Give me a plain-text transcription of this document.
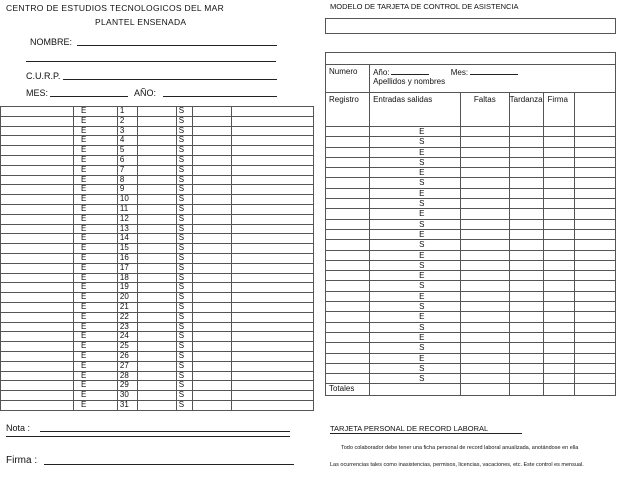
CENTRO DE ESTUDIOS TECNOLOGICOS DEL MAR
PLANTEL ENSENADA
NOMBRE:
C.U.R.P.
MES:	AÑO:
	E	1		S		
	E	2		S		
	E	3		S		
	E	4		S		
	E	5		S		
	E	6		S		
	E	7		S		
	E	8		S		
	E	9		S		
	E	10		S		
	E	11		S		
	E	12		S		
	E	13		S		
	E	14		S		
	E	15		S		
	E	16		S		
	E	17		S		
	E	18		S		
	E	19		S		
	E	20		S		
	E	21		S		
	E	22		S		
	E	23		S		
	E	24		S		
	E	25		S		
	E	26		S		
	E	27		S		
	E	28		S		
	E	29		S		
	E	30		S		
	E	31		S		
Nota :
Firma :
MODELO DE TARJETA DE CONTROL DE ASISTENCIA

Numero	Año: Mes:
Apellidos y nombres				
Registro	Entradas salidas	Faltas	Tardanza	Firma	
	E				
	S				
	E				
	S				
	E				
	S				
	E				
	S				
	E				
	S				
	E				
	S				
	E				
	S				
	E				
	S				
	E				
	S				
	E				
	S				
	E				
	S				
	E				
	S				
	S				
Totales					
TARJETA PERSONAL DE RECORD LABORAL
Todo colaborador debe tener una ficha personal de record laboral anualizada, anotándose en ella
Las ocurrencias tales como inasistencias, permisos, licencias, vacaciones, etc. Este control es mensual.
